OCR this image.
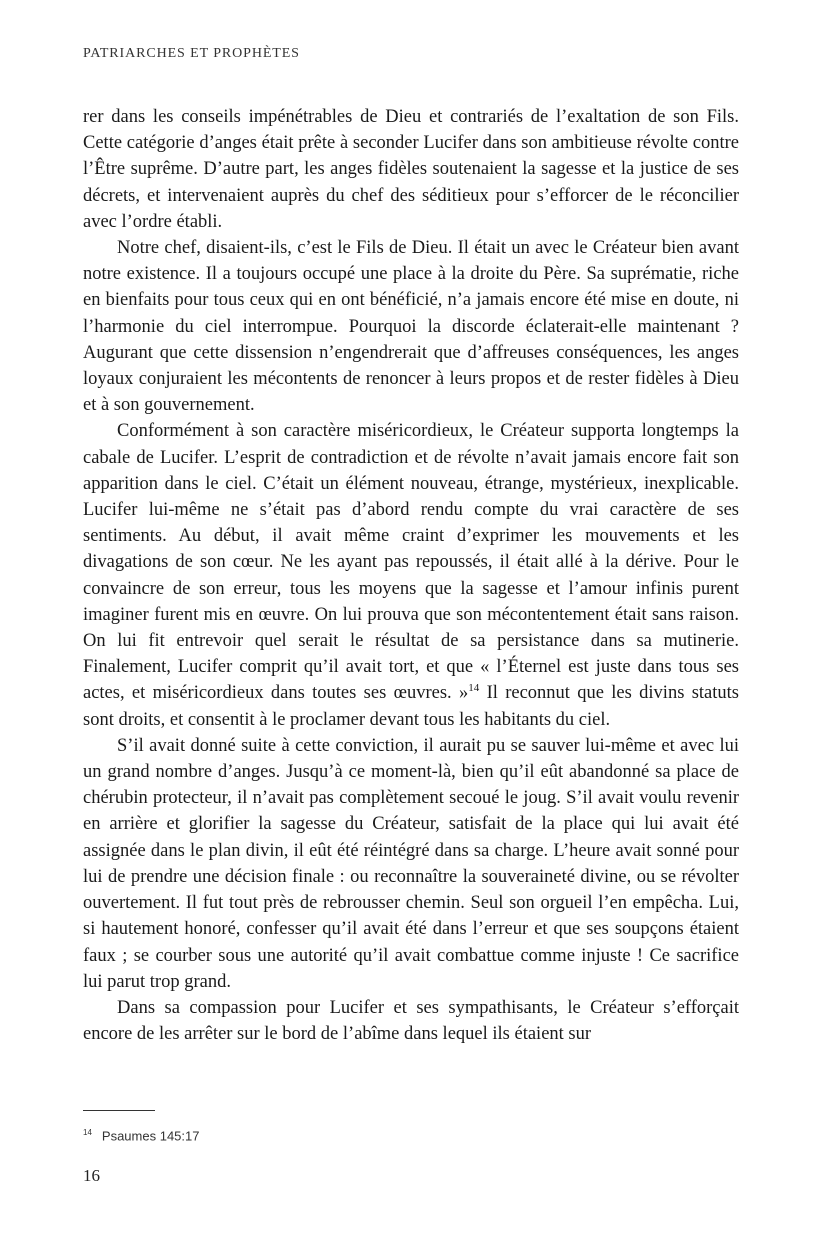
PATRIARCHES ET PROPHÈTES

rer dans les conseils impénétrables de Dieu et contrariés de l’exaltation de son Fils. Cette catégorie d’anges était prête à seconder Lucifer dans son ambitieuse révolte contre l’Être suprême. D’autre part, les anges fidèles soutenaient la sagesse et la justice de ses décrets, et intervenaient auprès du chef des séditieux pour s’efforcer de le réconcilier avec l’ordre établi.

Notre chef, disaient-ils, c’est le Fils de Dieu. Il était un avec le Créateur bien avant notre existence. Il a toujours occupé une place à la droite du Père. Sa suprématie, riche en bienfaits pour tous ceux qui en ont bénéficié, n’a jamais encore été mise en doute, ni l’harmonie du ciel interrompue. Pourquoi la discorde éclaterait-elle maintenant ? Augurant que cette dissension n’engendrerait que d’affreuses conséquences, les anges loyaux conjuraient les mécontents de renoncer à leurs propos et de rester fidèles à Dieu et à son gouvernement.

Conformément à son caractère miséricordieux, le Créateur supporta longtemps la cabale de Lucifer. L’esprit de contradiction et de révolte n’avait jamais encore fait son apparition dans le ciel. C’était un élément nouveau, étrange, mystérieux, inexplicable. Lucifer lui-même ne s’était pas d’abord rendu compte du vrai caractère de ses sentiments. Au début, il avait même craint d’exprimer les mouvements et les divagations de son cœur. Ne les ayant pas repoussés, il était allé à la dérive. Pour le convaincre de son erreur, tous les moyens que la sagesse et l’amour infinis purent imaginer furent mis en œuvre. On lui prouva que son mécontentement était sans raison. On lui fit entrevoir quel serait le résultat de sa persistance dans sa mutinerie. Finalement, Lucifer comprit qu’il avait tort, et que « l’Éternel est juste dans tous ses actes, et miséricordieux dans toutes ses œuvres. »$^{14}$ Il reconnut que les divins statuts sont droits, et consentit à le proclamer devant tous les habitants du ciel.

S’il avait donné suite à cette conviction, il aurait pu se sauver lui-même et avec lui un grand nombre d’anges. Jusqu’à ce moment-là, bien qu’il eût abandonné sa place de chérubin protecteur, il n’avait pas complètement secoué le joug. S’il avait voulu revenir en arrière et glorifier la sagesse du Créateur, satisfait de la place qui lui avait été assignée dans le plan divin, il eût été réintégré dans sa charge. L’heure avait sonné pour lui de prendre une décision finale : ou reconnaître la souveraineté divine, ou se révolter ouvertement. Il fut tout près de rebrousser chemin. Seul son orgueil l’en empêcha. Lui, si hautement honoré, confesser qu’il avait été dans l’erreur et que ses soupçons étaient faux ; se courber sous une autorité qu’il avait combattue comme injuste ! Ce sacrifice lui parut trop grand.

Dans sa compassion pour Lucifer et ses sympathisants, le Créateur s’efforçait encore de les arrêter sur le bord de l’abîme dans lequel ils étaient sur

$^{14}$ Psaumes 145:17
16
